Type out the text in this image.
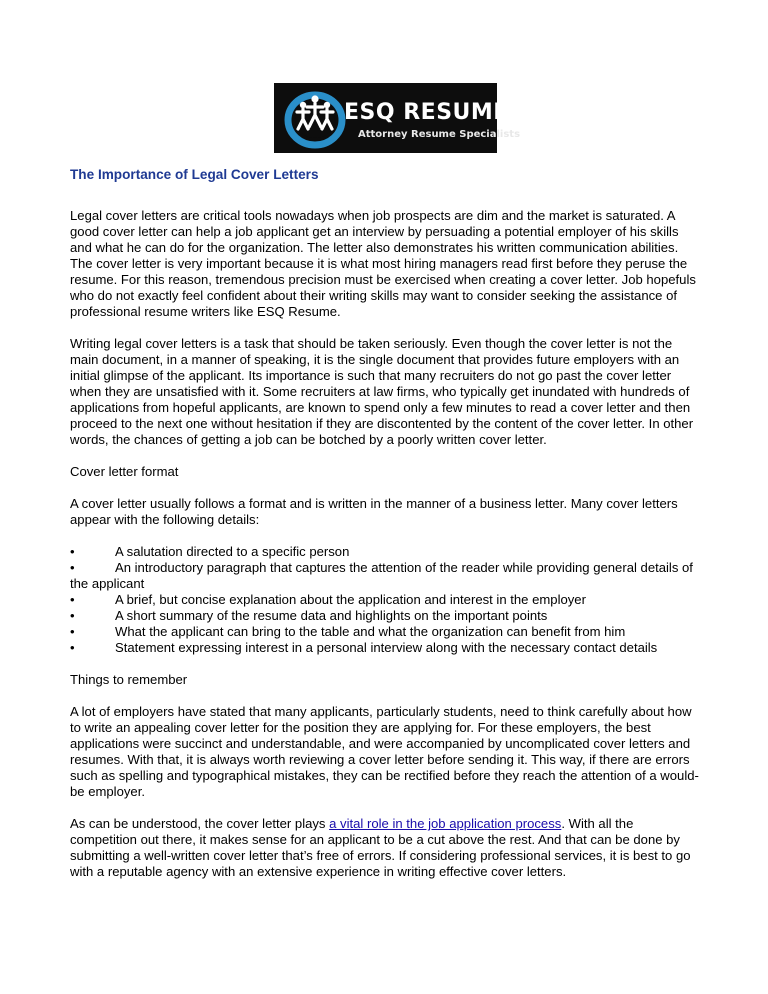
ESQ RESUME
Attorney Resume Specialists
The Importance of Legal Cover Letters

Legal cover letters are critical tools nowadays when job prospects are dim and the market is saturated. A good cover letter can help a job applicant get an interview by persuading a potential employer of his skills and what he can do for the organization. The letter also demonstrates his written communication abilities. The cover letter is very important because it is what most hiring managers read first before they peruse the resume. For this reason, tremendous precision must be exercised when creating a cover letter. Job hopefuls who do not exactly feel confident about their writing skills may want to consider seeking the assistance of professional resume writers like ESQ Resume.

Writing legal cover letters is a task that should be taken seriously. Even though the cover letter is not the main document, in a manner of speaking, it is the single document that provides future employers with an initial glimpse of the applicant. Its importance is such that many recruiters do not go past the cover letter when they are unsatisfied with it. Some recruiters at law firms, who typically get inundated with hundreds of applications from hopeful applicants, are known to spend only a few minutes to read a cover letter and then proceed to the next one without hesitation if they are discontented by the content of the cover letter. In other words, the chances of getting a job can be botched by a poorly written cover letter.

Cover letter format

A cover letter usually follows a format and is written in the manner of a business letter. Many cover letters appear with the following details:

•	A salutation directed to a specific person
•	An introductory paragraph that captures the attention of the reader while providing general details of the applicant
•	A brief, but concise explanation about the application and interest in the employer
•	A short summary of the resume data and highlights on the important points
•	What the applicant can bring to the table and what the organization can benefit from him
•	Statement expressing interest in a personal interview along with the necessary contact details

Things to remember

A lot of employers have stated that many applicants, particularly students, need to think carefully about how to write an appealing cover letter for the position they are applying for. For these employers, the best applications were succinct and understandable, and were accompanied by uncomplicated cover letters and resumes. With that, it is always worth reviewing a cover letter before sending it. This way, if there are errors such as spelling and typographical mistakes, they can be rectified before they reach the attention of a would-be employer.

As can be understood, the cover letter plays a vital role in the job application process. With all the competition out there, it makes sense for an applicant to be a cut above the rest. And that can be done by submitting a well-written cover letter that’s free of errors. If considering professional services, it is best to go with a reputable agency with an extensive experience in writing effective cover letters.
